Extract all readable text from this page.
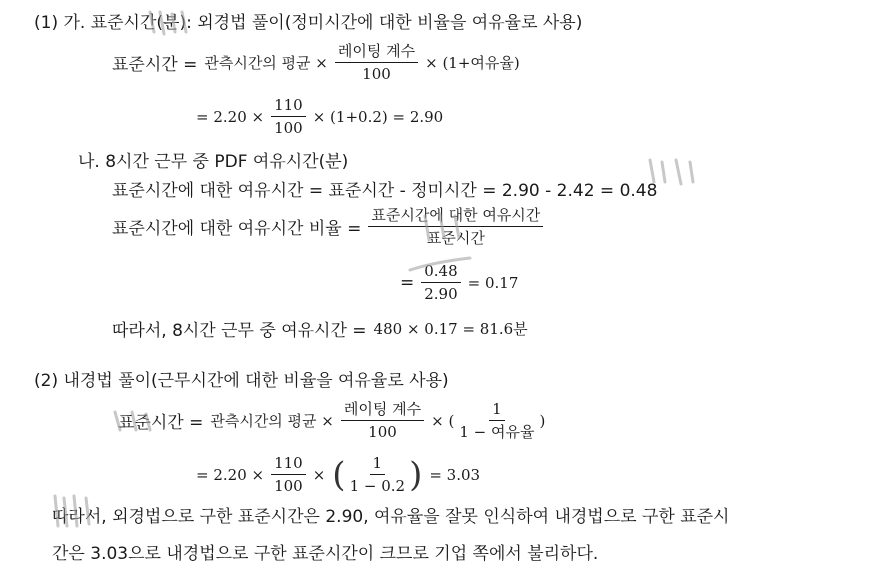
(1) 가. 표준시간(분): 외경법 풀이(정미시간에 대한 비율을 여유율로 사용)
표준시간 = 관측시간의 평균 × $\frac{\text{레이팅 계수}}{100} \times (1+$여유율)
= $2.20 \times \frac{110}{100} \times (1+0.2) = 2.90$
나. 8시간 근무 중 PDF 여유시간(분)
표준시간에 대한 여유시간 = 표준시간 - 정미시간 = 2.90 - 2.42 = 0.48
표준시간에 대한 여유시간 비율 = $\frac{\text{표준시간에 대한 여유시간}}{\text{표준시간}}$
= $\frac{0.48}{2.90} = 0.17$
따라서, 8시간 근무 중 여유시간 = 480 × 0.17 = 81.6분
(2) 내경법 풀이(근무시간에 대한 비율을 여유율로 사용)
표준시간 = 관측시간의 평균 × $\frac{\text{레이팅 계수}}{100}$ × ( $\frac{1}{\text{1 − 여유율}}$ )
= $2.20 \times \frac{110}{100}$ × ( $\frac{1}{1 - 0.2}$ ) = 3.03
따라서, 외경법으로 구한 표준시간은 2.90, 여유율을 잘못 인식하여 내경법으로 구한 표준시
간은 3.03으로 내경법으로 구한 표준시간이 크므로 기업 쪽에서 불리하다.
